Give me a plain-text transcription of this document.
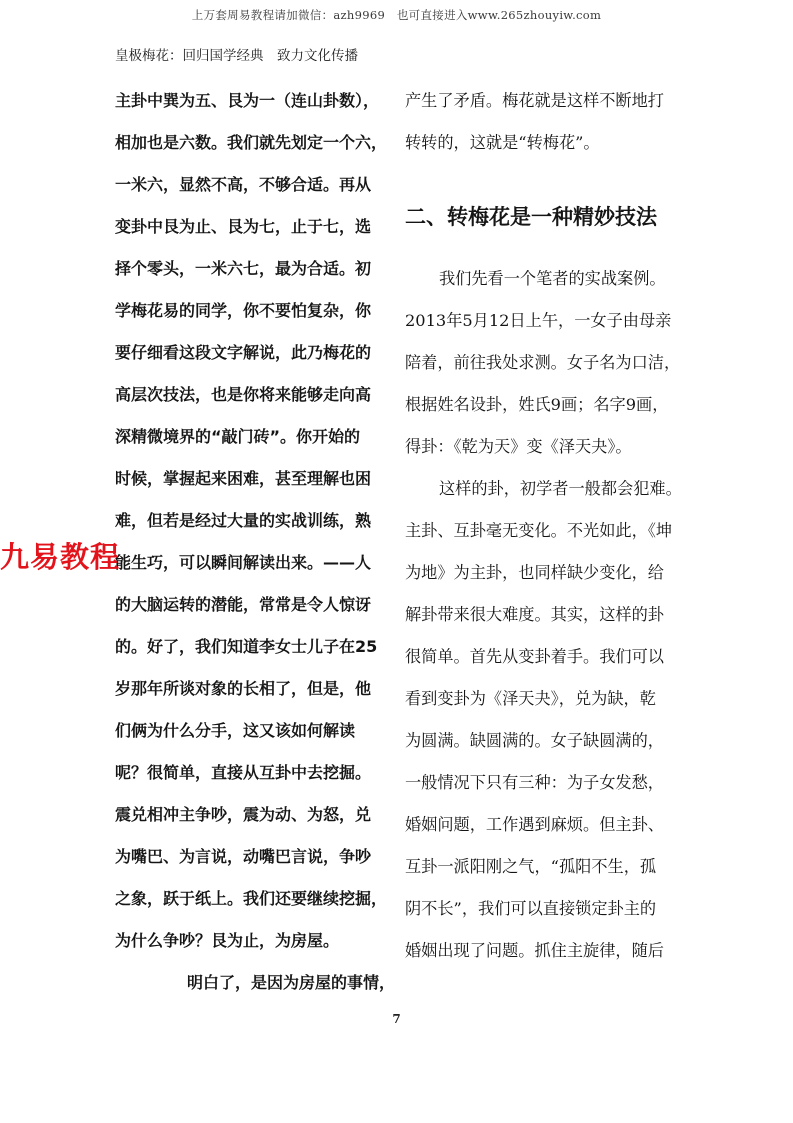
上万套周易教程请加微信：azh9969　也可直接进入www.265zhouyiw.com
皇极梅花：回归国学经典　致力文化传播
主卦中巽为五、艮为一（连山卦数），
相加也是六数。我们就先划定一个六，
一米六，显然不高，不够合适。再从
变卦中艮为止、艮为七，止于七，选
择个零头，一米六七，最为合适。初
学梅花易的同学，你不要怕复杂，你
要仔细看这段文字解说，此乃梅花的
高层次技法，也是你将来能够走向高
深精微境界的“敲门砖”。你开始的
时候，掌握起来困难，甚至理解也困
难，但若是经过大量的实战训练，熟
能生巧，可以瞬间解读出来。——人
的大脑运转的潜能，常常是令人惊讶
的。好了，我们知道李女士儿子在25
岁那年所谈对象的长相了，但是，他
们俩为什么分手，这又该如何解读
呢？很简单，直接从互卦中去挖掘。
震兑相冲主争吵，震为动、为怒，兑
为嘴巴、为言说，动嘴巴言说，争吵
之象，跃于纸上。我们还要继续挖掘，
为什么争吵？艮为止，为房屋。
明白了，是因为房屋的事情，
产生了矛盾。梅花就是这样不断地打
转转的，这就是“转梅花”。
二、转梅花是一种精妙技法
我们先看一个笔者的实战案例。
2013年5月12日上午，一女子由母亲
陪着，前往我处求测。女子名为口洁，
根据姓名设卦，姓氏9画；名字9画，
得卦：《乾为天》变《泽天夬》。
这样的卦，初学者一般都会犯难。
主卦、互卦毫无变化。不光如此，《坤
为地》为主卦，也同样缺少变化，给
解卦带来很大难度。其实，这样的卦
很简单。首先从变卦着手。我们可以
看到变卦为《泽天夬》，兑为缺，乾
为圆满。缺圆满的。女子缺圆满的，
一般情况下只有三种：为子女发愁，
婚姻问题，工作遇到麻烦。但主卦、
互卦一派阳刚之气，“孤阳不生，孤
阴不长”，我们可以直接锁定卦主的
婚姻出现了问题。抓住主旋律，随后
九易教程
7
